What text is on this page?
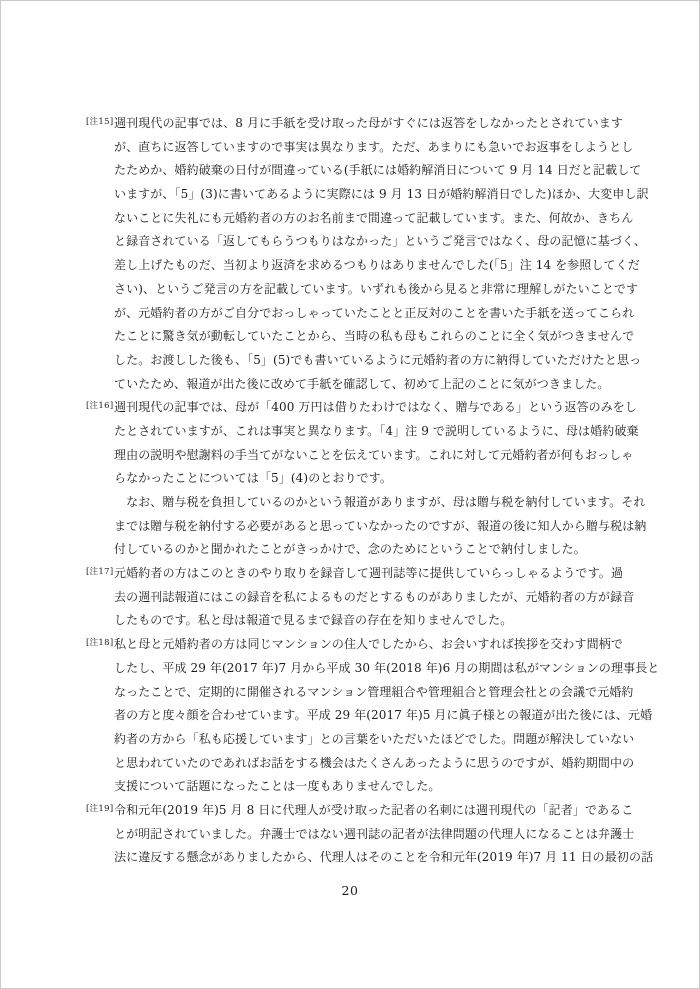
[注15] 週刊現代の記事では、8 月に手紙を受け取った母がすぐには返答をしなかったとされています
が、直ちに返答していますので事実は異なります。ただ、あまりにも急いでお返事をしようとし
たためか、婚約破棄の日付が間違っている(手紙には婚約解消日について 9 月 14 日だと記載して
いますが、「5」(3)に書いてあるように実際には 9 月 13 日が婚約解消日でした)ほか、大変申し訳
ないことに失礼にも元婚約者の方のお名前まで間違って記載しています。また、何故か、きちん
と録音されている「返してもらうつもりはなかった」というご発言ではなく、母の記憶に基づく、
差し上げたものだ、当初より返済を求めるつもりはありませんでした(「5」注 14 を参照してくだ
さい)、というご発言の方を記載しています。いずれも後から見ると非常に理解しがたいことです
が、元婚約者の方がご自分でおっしゃっていたことと正反対のことを書いた手紙を送ってこられ
たことに驚き気が動転していたことから、当時の私も母もこれらのことに全く気がつきませんで
した。お渡しした後も、「5」(5)でも書いているように元婚約者の方に納得していただけたと思っ
ていたため、報道が出た後に改めて手紙を確認して、初めて上記のことに気がつきました。
[注16] 週刊現代の記事では、母が「400 万円は借りたわけではなく、贈与である」という返答のみをし
たとされていますが、これは事実と異なります。「4」注 9 で説明しているように、母は婚約破棄
理由の説明や慰謝料の手当てがないことを伝えています。これに対して元婚約者が何もおっしゃ
らなかったことについては「5」(4)のとおりです。
　なお、贈与税を負担しているのかという報道がありますが、母は贈与税を納付しています。それ
までは贈与税を納付する必要があると思っていなかったのですが、報道の後に知人から贈与税は納
付しているのかと聞かれたことがきっかけで、念のためにということで納付しました。
[注17] 元婚約者の方はこのときのやり取りを録音して週刊誌等に提供していらっしゃるようです。過
去の週刊誌報道にはこの録音を私によるものだとするものがありましたが、元婚約者の方が録音
したものです。私と母は報道で見るまで録音の存在を知りませんでした。
[注18] 私と母と元婚約者の方は同じマンションの住人でしたから、お会いすれば挨拶を交わす間柄で
したし、平成 29 年(2017 年)7 月から平成 30 年(2018 年)6 月の期間は私がマンションの理事長と
なったことで、定期的に開催されるマンション管理組合や管理組合と管理会社との会議で元婚約
者の方と度々顔を合わせています。平成 29 年(2017 年)5 月に眞子様との報道が出た後には、元婚
約者の方から「私も応援しています」との言葉をいただいたほどでした。問題が解決していない
と思われていたのであればお話をする機会はたくさんあったように思うのですが、婚約期間中の
支援について話題になったことは一度もありませんでした。
[注19] 令和元年(2019 年)5 月 8 日に代理人が受け取った記者の名刺には週刊現代の「記者」であるこ
とが明記されていました。弁護士ではない週刊誌の記者が法律問題の代理人になることは弁護士
法に違反する懸念がありましたから、代理人はそのことを令和元年(2019 年)7 月 11 日の最初の話
20
